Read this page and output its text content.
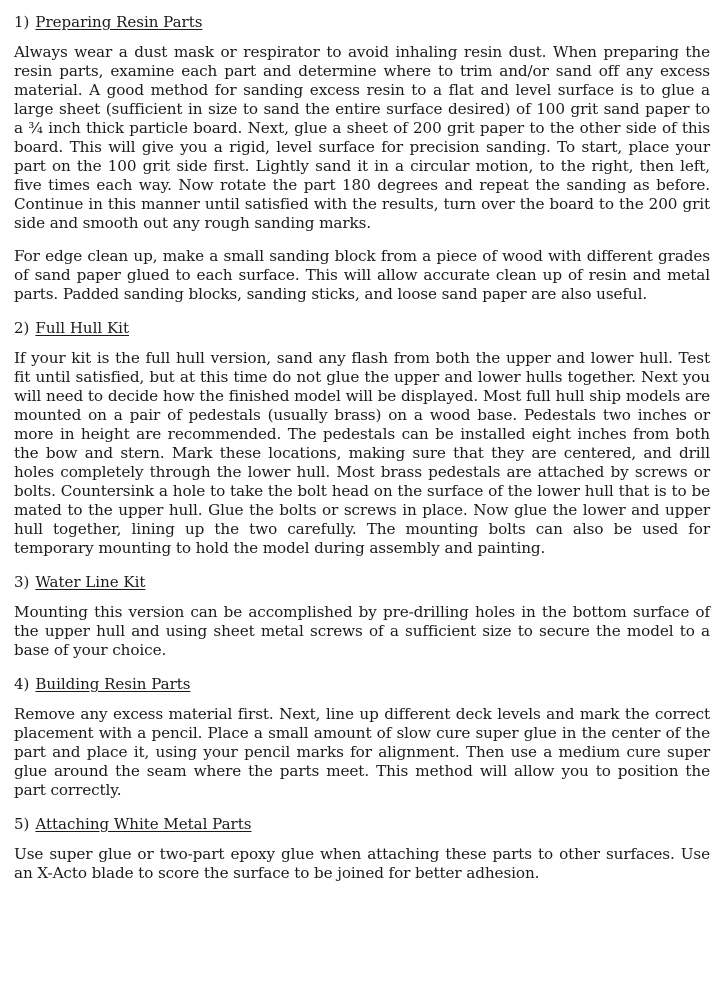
1) Preparing Resin Parts

Always wear a dust mask or respirator to avoid inhaling resin dust. When preparing the resin parts, examine each part and determine where to trim and/or sand off any excess material. A good method for sanding excess resin to a flat and level surface is to glue a large sheet (sufficient in size to sand the entire surface desired) of 100 grit sand paper to a ¾ inch thick particle board. Next, glue a sheet of 200 grit paper to the other side of this board. This will give you a rigid, level surface for precision sanding. To start, place your part on the 100 grit side first. Lightly sand it in a circular motion, to the right, then left, five times each way. Now rotate the part 180 degrees and repeat the sanding as before. Continue in this manner until satisfied with the results, turn over the board to the 200 grit side and smooth out any rough sanding marks.

For edge clean up, make a small sanding block from a piece of wood with different grades of sand paper glued to each surface. This will allow accurate clean up of resin and metal parts. Padded sanding blocks, sanding sticks, and loose sand paper are also useful.

2) Full Hull Kit

If your kit is the full hull version, sand any flash from both the upper and lower hull. Test fit until satisfied, but at this time do not glue the upper and lower hulls together. Next you will need to decide how the finished model will be displayed. Most full hull ship models are mounted on a pair of pedestals (usually brass) on a wood base. Pedestals two inches or more in height are recommended. The pedestals can be installed eight inches from both the bow and stern. Mark these locations, making sure that they are centered, and drill holes completely through the lower hull. Most brass pedestals are attached by screws or bolts. Countersink a hole to take the bolt head on the surface of the lower hull that is to be mated to the upper hull. Glue the bolts or screws in place. Now glue the lower and upper hull together, lining up the two carefully. The mounting bolts can also be used for temporary mounting to hold the model during assembly and painting.

3) Water Line Kit

Mounting this version can be accomplished by pre-drilling holes in the bottom surface of the upper hull and using sheet metal screws of a sufficient size to secure the model to a base of your choice.

4) Building Resin Parts

Remove any excess material first. Next, line up different deck levels and mark the correct placement with a pencil. Place a small amount of slow cure super glue in the center of the part and place it, using your pencil marks for alignment. Then use a medium cure super glue around the seam where the parts meet. This method will allow you to position the part correctly.

5) Attaching White Metal Parts

Use super glue or two-part epoxy glue when attaching these parts to other surfaces. Use an X-Acto blade to score the surface to be joined for better adhesion.
